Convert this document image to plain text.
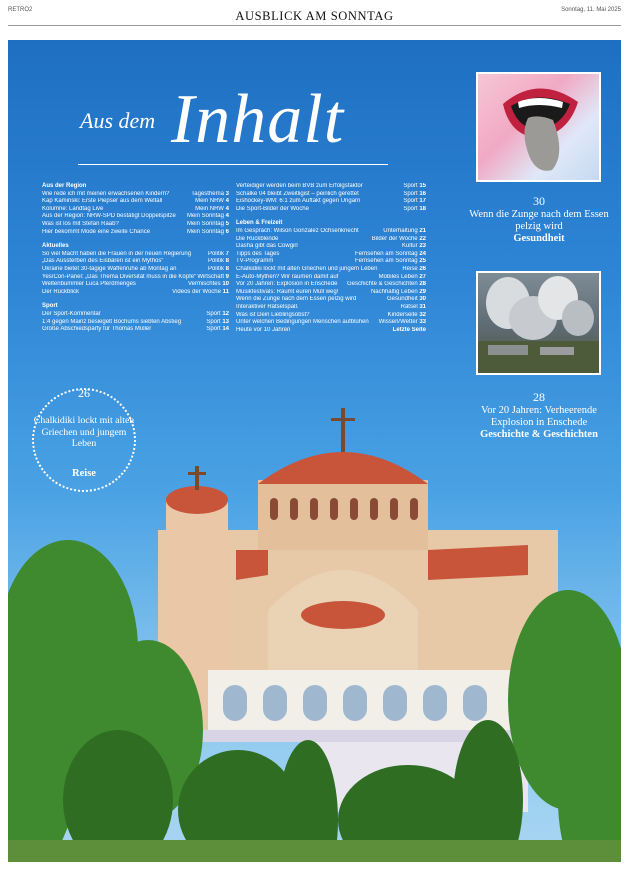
RETRO2	AUSBLICK AM SONNTAG	Sonntag, 11. Mai 2025
Aus dem Inhalt
Aus der Region
Wie rede ich mit meinen erwachsenen Kindern?	Tagesthema 3
Kap Kaminski: Erste Piepser aus dem Weltall	Mein NRW 4
Kolumne: Landtag Live	Mein NRW 4
Aus der Region: NRW-SPD bestätigt Doppelspitze	Mein Sonntag 4
Was ist los mit Stefan Raab?	Mein Sonntag 5
Hier bekommt Mode eine zweite Chance	Mein Sonntag 6
Aktuelles
So viel Macht haben die Frauen in der neuen Regierung	Politik 7
„Das Aussterben des Eisbären ist ein Mythos“	Politik 8
Ukraine bietet 30-tägige Waffenruhe ab Montag an	Politik 8
Yes/Con-Panel: „Das Thema Diversität muss in die Köpfe“ Wirtschaft 9
Weltenbummler Luca Pferdmenges	Vermischtes 10
Der Rückblick	Videos der Woche 11
Sport
Der Sport-Kommentar	Sport 12
1:4 gegen Mainz besiegelt Bochums siebten Abstieg	Sport 13
Große Abschiedsparty für Thomas Müller	Sport 14
Verteidiger werden beim BVB zum Erfolgsfaktor	Sport 15
Schalke 04 bleibt Zweitligist – peinlich gerettet	Sport 16
Eishockey-WM: 6:1 zum Auftakt gegen Ungarn	Sport 17
Die Sport-Bilder der Woche	Sport 18
Leben & Freizeit
Im Gespräch: Wilson Gonzalez Ochsenknecht	Unterhaltung 21
Die Rückblende	Bilder der Woche 22
Dasha gibt das Cowgirl	Kultur 23
Tipps des Tages	Fernsehen am Sonntag 24
TV-Programm	Fernsehen am Sonntag 25
Chalkidiki lockt mit alten Griechen und jungem Leben	Reise 26
E-Auto-Mythen? Wir räumen damit auf	Mobiles Leben 27
Vor 20 Jahren: Explosion in Enschede	Geschichte & Geschichten 28
Musikfestivals: Räumt euren Müll weg!	Nachhaltig Leben 29
Wenn die Zunge nach dem Essen pelzig wird	Gesundheit 30
Interaktiver Rätselspaß	Rätsel 31
Was ist Dein Lieblingsobst?	Kinderseite 32
Unter welchen Bedingungen Menschen aufblühen	Wissen/Wetter 33
Heute vor 10 Jahren	Letzte Seite
30
Wenn die Zunge nach dem Essen pelzig wird
Gesundheit
28
Vor 20 Jahren: Verheerende Explosion in Enschede
Geschichte & Geschichten
26
Chalkidiki lockt mit alten Griechen und jungem Leben
Reise
